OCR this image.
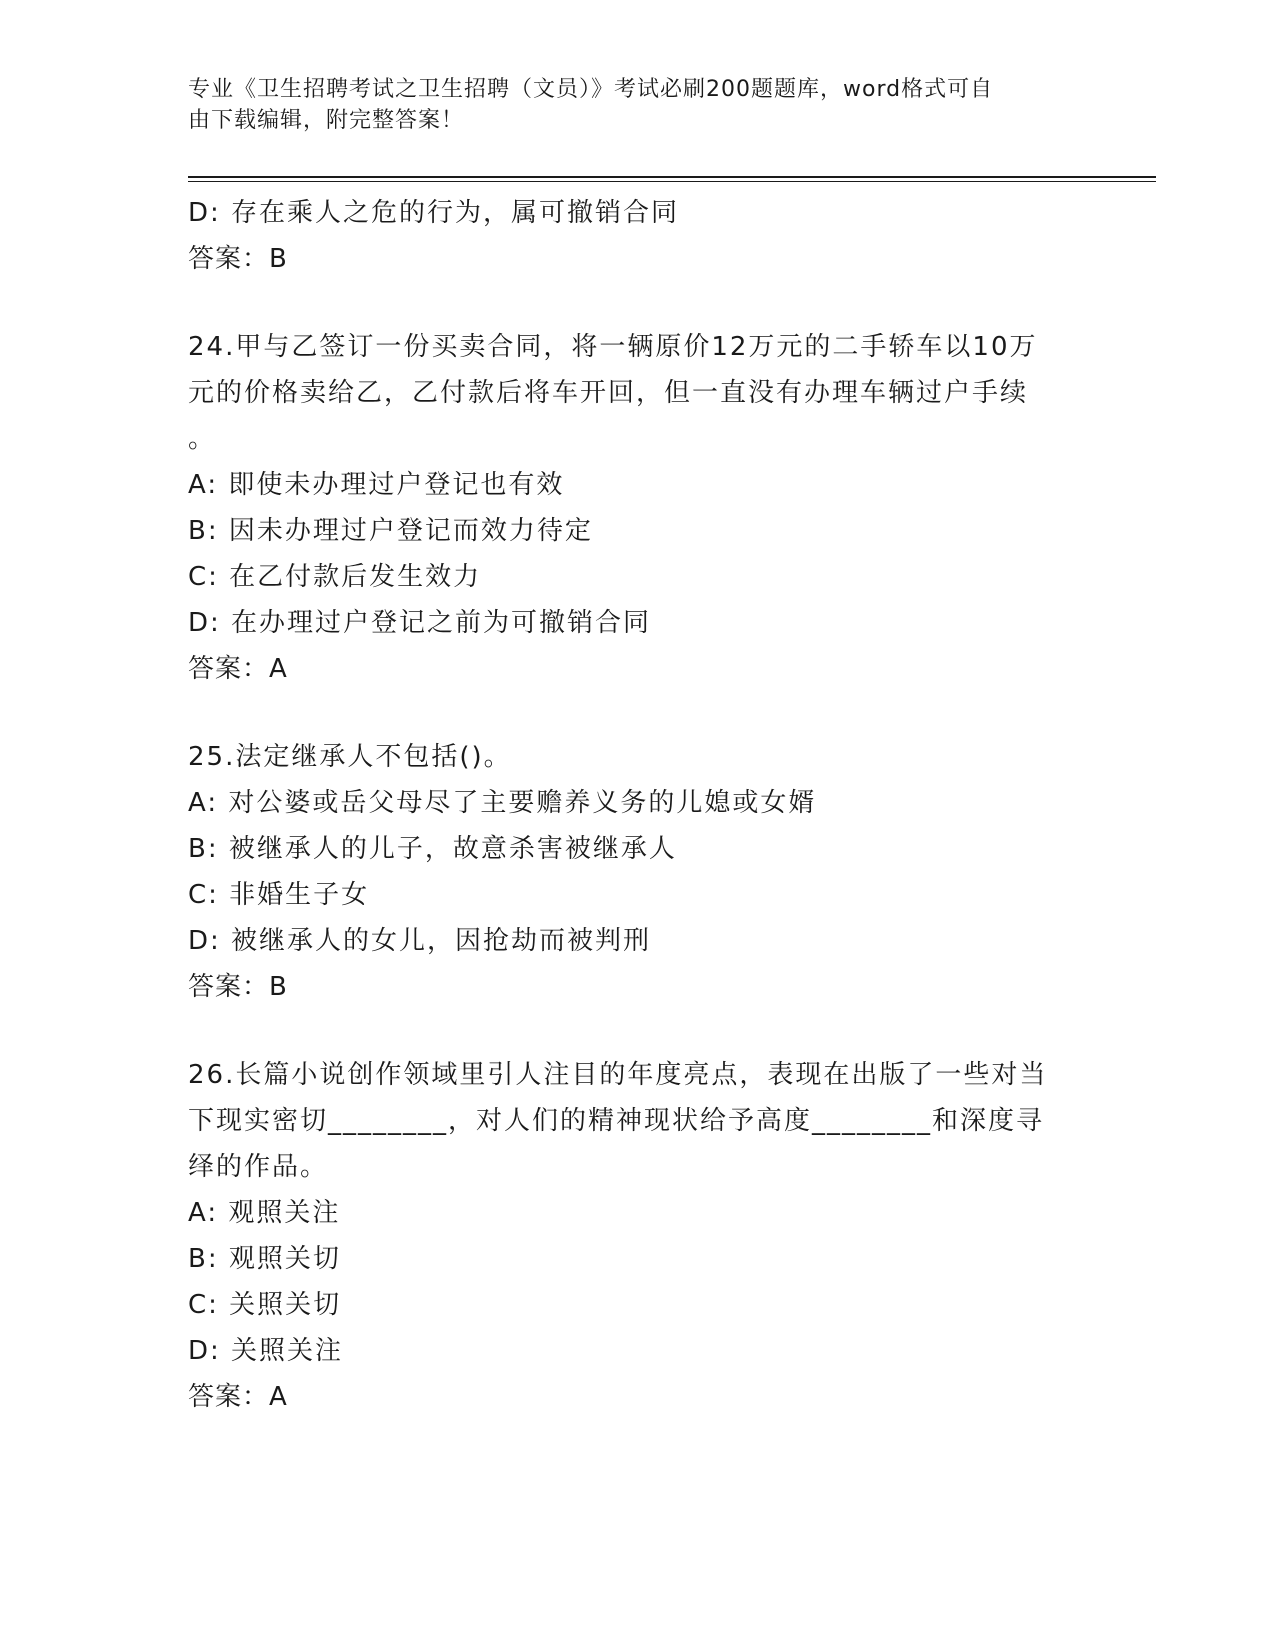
专业《卫生招聘考试之卫生招聘（文员）》考试必刷200题题库，word格式可自
由下载编辑，附完整答案！
D: 存在乘人之危的行为，属可撤销合同
答案：B
24.甲与乙签订一份买卖合同，将一辆原价12万元的二手轿车以10万
元的价格卖给乙，乙付款后将车开回，但一直没有办理车辆过户手续
。
A: 即使未办理过户登记也有效
B: 因未办理过户登记而效力待定
C: 在乙付款后发生效力
D: 在办理过户登记之前为可撤销合同
答案：A
25.法定继承人不包括()。
A: 对公婆或岳父母尽了主要赡养义务的儿媳或女婿
B: 被继承人的儿子，故意杀害被继承人
C: 非婚生子女
D: 被继承人的女儿，因抢劫而被判刑
答案：B
26.长篇小说创作领域里引人注目的年度亮点，表现在出版了一些对当
下现实密切________，对人们的精神现状给予高度________和深度寻
绎的作品。
A: 观照关注
B: 观照关切
C: 关照关切
D: 关照关注
答案：A
